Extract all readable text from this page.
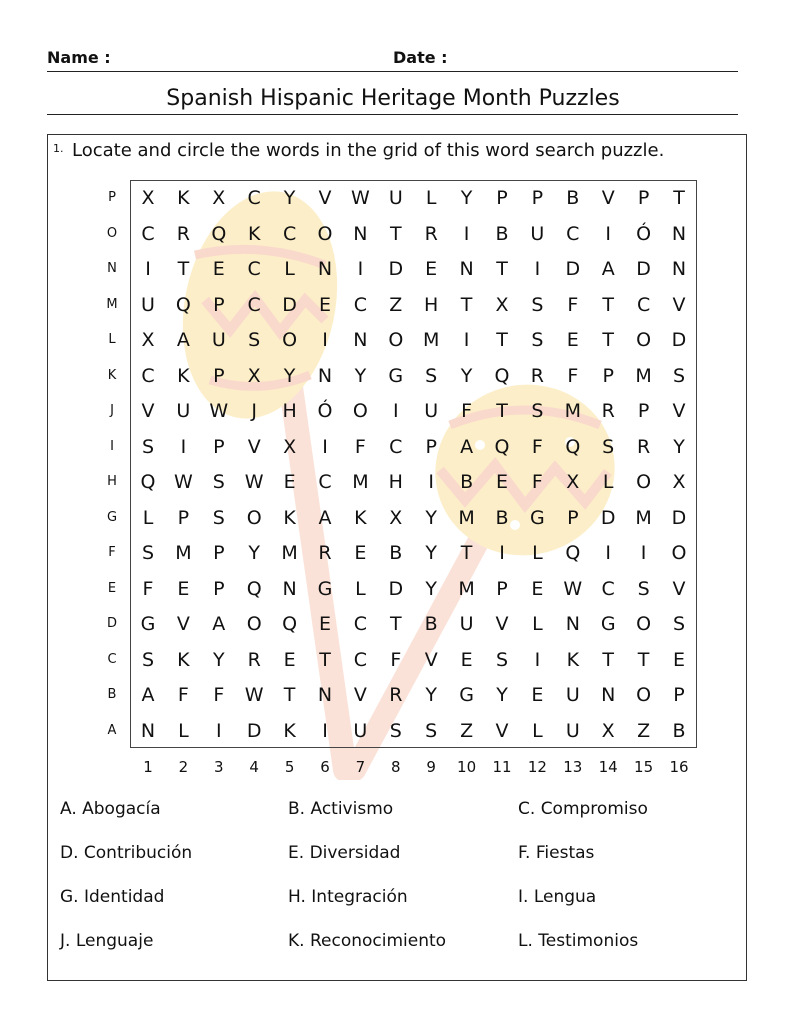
Name :	Date :
Spanish Hispanic Heritage Month Puzzles
1. Locate and circle the words in the grid of this word search puzzle.
X	K	X	C	Y	V	W	U	L	Y	P	P	B	V	P	T
C	R	Q	K	C	O	N	T	R	I	B	U	C	I	Ó	N
I	T	E	C	L	N	I	D	E	N	T	I	D	A	D	N
U	Q	P	C	D	E	C	Z	H	T	X	S	F	T	C	V
X	A	U	S	O	I	N	O	M	I	T	S	E	T	O	D
C	K	P	X	Y	N	Y	G	S	Y	Q	R	F	P	M	S
V	U	W	J	H	Ó	O	I	U	F	T	S	M	R	P	V
S	I	P	V	X	I	F	C	P	A	Q	F	Q	S	R	Y
Q W	S	W	E	C	M	H	I	B	E	F	X	L	O	X
L	P	S	O	K	A	K	X	Y	M	B	G	P	D	M	D
S	M	P	Y	M	R	E	B	Y	T	I	L	Q	I	I	O
F	E	P	Q	N	G	L	D	Y	M	P	E	W	C	S	V
G	V	A	O	Q	E	C	T	B	U	V	L	N	G	O	S
S	K	Y	R	E	T	C	F	V	E	S	I	K	T	T	E
A	F	F	W	T	N	V	R	Y	G	Y	E	U	N	O	P
N	L	I	D	K	I	U	S	S	Z	V	L	U	X	Z	B
P
O
N
M
L
K
J
I
H
G
F
E
D
C
B
A
1	2	3	4	5	6	7	8	9	10	11	12	13	14	15	16
A. Abogacía	B. Activismo	C. Compromiso
D. Contribución	E. Diversidad	F. Fiestas
G. Identidad	H. Integración	I. Lengua
J. Lenguaje	K. Reconocimiento	L. Testimonios
